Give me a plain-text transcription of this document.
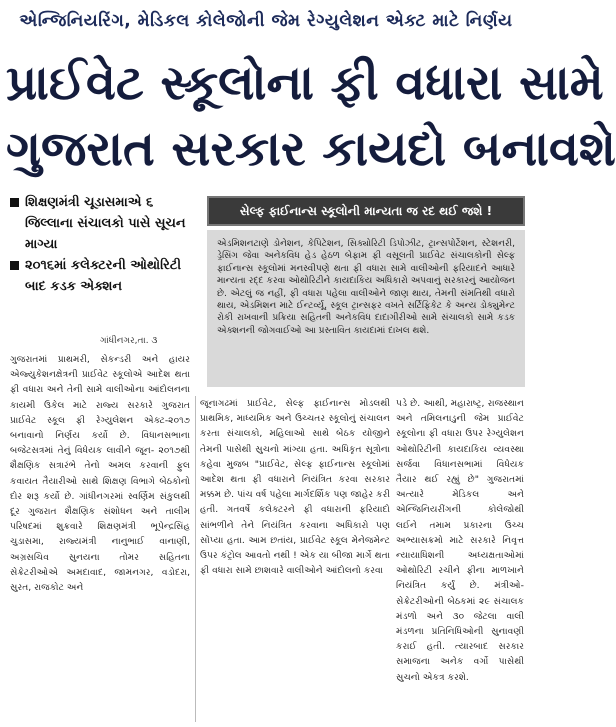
એન્જિનિયરિંગ, મેડિકલ કોલેજોની જેમ રેગ્યુલેશન એક્ટ માટે નિર્ણય
પ્રાઈવેટ સ્કૂલોના ફી વધારા સામે
ગુજરાત સરકાર કાયદો બનાવશે
શિક્ષણમંત્રી ચૂડાસમાએ ૬ જિલ્લાના સંચાલકો પાસે સૂચન માગ્યા
૨૦૧૬માં કલેક્ટરની ઓથોરિટી બાદ કડક એક્શન
સેલ્ફ ફાઈનાન્સ સ્કૂલોની માન્યતા જ રદ થઈ જશે !
એડમિશનટાણે ડોનેશન, કેપિટેશન, સિક્યોરિટી ડિપોઝીટ, ટ્રાન્સપોર્ટેશન, સ્ટેશનરી, ડ્રેસિંગ જેવા અનેકવિધ હેડ હેઠળ બેફામ ફી વસૂલતી પ્રાઈવેટ સંચાલકોની સેલ્ફ ફાઈનાન્સ સ્કૂલોમાં મનસ્વીપણે થતા ફી વધારા સામે વાલીઓની ફરિયાદને આધારે માન્યતા રદ્દ કરવા ઓથોરિટીને કાયદાકિય અધિકારો અપવાનું સરકારનું આયોજન છે. એટલું જ નહીં, ફી વધારા પહેલા વાલીઓને જાણ થાય, તેમની સંમતિથી વધારો થાય, એડમિશન માટે ઈન્ટર્વ્યૂ, સ્કૂલ ટ્રાન્સફર વખતે સર્ટિફિકેટ કે અન્ય ડોક્યુમેન્ટ રોકી રાખવાની પ્રક્રિયા સહિતની અનેકવિધ દાદાગીરીઓ સામે સંચાલકો સામે કડક એક્શનની જોગવાઈઓ આ પ્રસ્તાવિત કાયદામાં દાખલ થશે.
ગાંધીનગર,તા. ૩
ગુજરાતમાં પ્રાથમરી, સેકન્ડરી અને હાયર એજ્યુકેશનક્ષેત્રની પ્રાઈવેટ સ્કૂલોએ આદેશ થતા ફી વધારા અને તેની સામે વાલીઓના આંદોલનના કાયમી ઉકેલ માટે રાજ્ય સરકારે ગુજરાત પ્રાઈવેટ સ્કૂલ ફી રેગ્યુલેશન એક્ટ-૨૦૧૭ બનાવાનો નિર્ણય કર્યો છે. વિધાનસભાના બજેટસત્રમાં તેનું વિધેયક લાવીને જૂન- ૨૦૧૭થી શૈક્ષણિક સત્રારંભે તેનો અમલ કરવાની ફુલ કવાયત તૈયારીઓ સાથે શિક્ષણ વિભાગે બેઠકોનો દોર શરૂ કર્યો છે. ગાંધીનગરમાં સ્વર્ણિમ સંકુલથી દૂર ગુજરાત શૈક્ષણિક સંશોધન અને તાલીમ પરિષદમાં શુક્રવારે શિક્ષણમંત્રી ભૂપેન્દ્રસિંહ ચુડાસમા, રાજ્યમંત્રી નાનુભાઈ વાનાણી, અગ્રસચિવ સુનયના તોમર સહિતના સેક્રેટરીઓએ અમદાવાદ, જામનગર, વડોદરા, સુરત, રાજકોટ અને
જૂનાગઢમાં પ્રાઈવેટ, સેલ્ફ ફાઈનાન્સ મોડલથી પ્રાથમિક, માધ્યમિક અને ઉચ્ચતર સ્કૂલોનું સંચાલન કરતા સંચાલકો, મહિલાઓ સાથે બેઠક યોજીને તેમની પાસેથી સુચનો માંગ્યા હતા. અધિકૃત સૂત્રોના કહેવા મુજબ "પ્રાઈવેટ, સેલ્ફ ફાઈનાન્સ સ્કૂલોમાં આદેશ થતા ફી વધારાને નિયંત્રિત કરવા સરકાર મક્કમ છે. પાંચ વર્ષ પહેલા માર્ગદર્શિક પણ જાહેર કરી હતી. ગતવર્ષે કલેક્ટરને ફી વધારાની ફરિયાદો સાંભળીને તેને નિયંત્રિત કરવાના અધિકારો પણ સોંપ્યા હતા. આમ છતાંય, પ્રાઈવેટ સ્કૂલ મેનેજમેન્ટ ઉપર કંટ્રોલ આવતો નથી ! એક યા બીજા માર્ગે થતા ફી વધારા સામે છાશવારે વાલીઓને આંદોલનો કરવા
પડે છે. આથી, મહારાષ્ટ્ર, રાજસ્થાન અને તમિલનાડુની જેમ પ્રાઈવેટ સ્કૂલોના ફી વધારા ઉપર રેગ્યુલેશન ઓથોરિટીની કાયદાકિય વ્યવસ્થા સર્જવા વિધાનસભામાં વિધેયક તૈયાર થઈ રહ્યું છે" ગુજરાતમાં અત્યારે મેડિકલ અને એન્જિનિયરીંગની કોલેજોથી લઈને તમામ પ્રકારના ઉચ્ચ અભ્યાસક્રમો માટે સરકારે નિવૃત્ત ન્યાયાધિશની અધ્યક્ષતાઓમાં ઓથોરિટી રચીને ફીના માળખાને નિયંત્રિત કર્યું છે. મંત્રીઓ- સેક્રેટરીઓની બેઠકમાં ૨૯ સંચાલક મંડળો અને ૩૦ જેટલા વાલી મંડળના પ્રતિનિધિઓની સુનાવણી કરાઈ હતી. ત્યારબાદ સરકાર સમાજના અનેક વર્ગો પાસેથી સુચનો એકત્ર કરશે.
